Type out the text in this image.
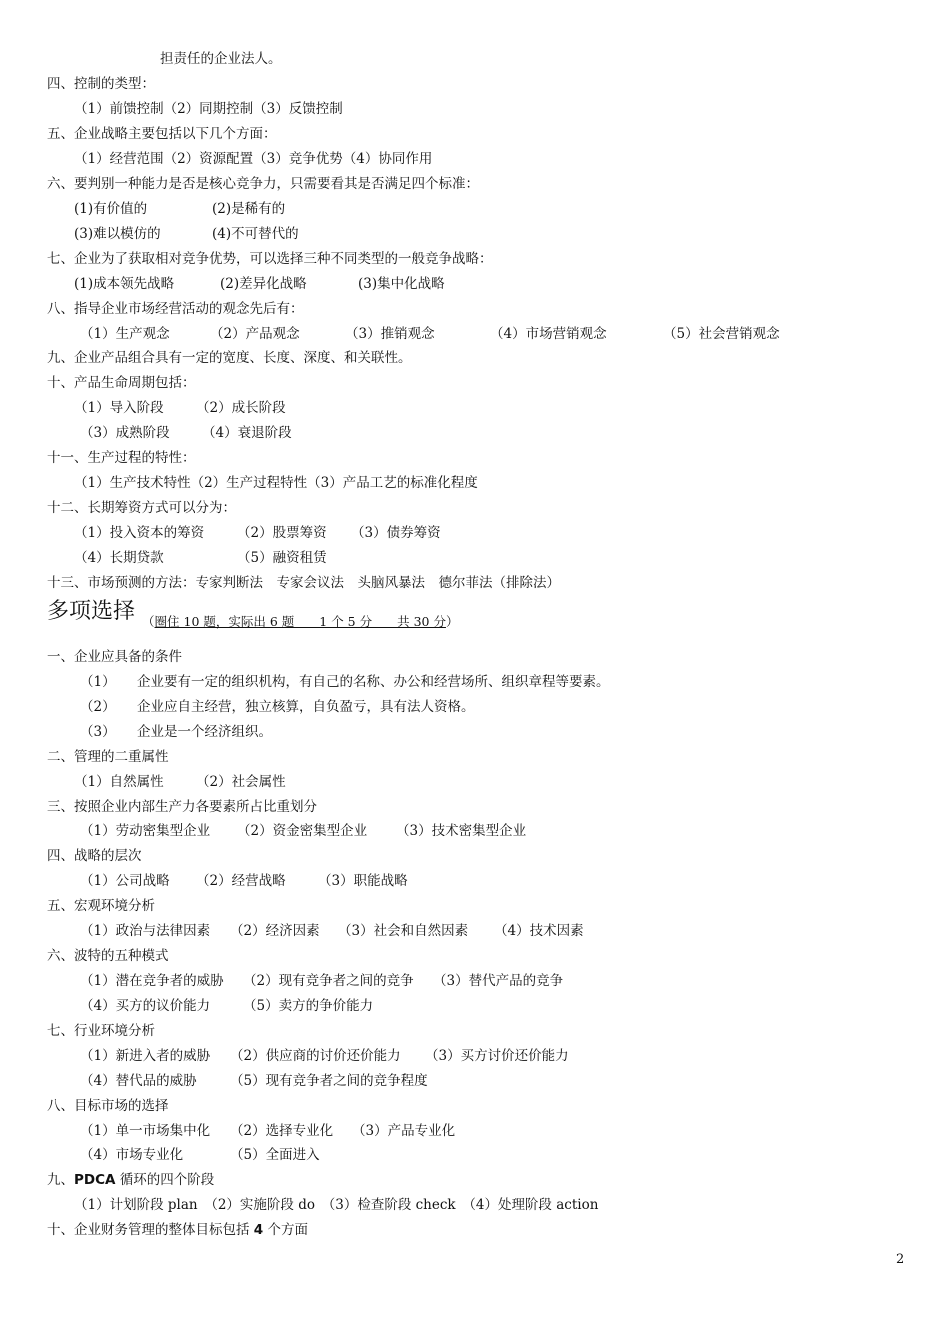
担责任的企业法人。
四、控制的类型：
（1）前馈控制（2）同期控制（3）反馈控制
五、企业战略主要包括以下几个方面：
（1）经营范围（2）资源配置（3）竞争优势（4）协同作用
六、要判别一种能力是否是核心竞争力，只需要看其是否满足四个标准：
七、企业为了获取相对竞争优势，可以选择三种不同类型的一般竞争战略：
八、指导企业市场经营活动的观念先后有：
九、企业产品组合具有一定的宽度、长度、深度、和关联性。
十、产品生命周期包括：
十一、生产过程的特性：
（1）生产技术特性（2）生产过程特性（3）产品工艺的标准化程度
十二、长期筹资方式可以分为：
十三、市场预测的方法：专家判断法　专家会议法　头脑风暴法　德尔菲法（排除法）
一、企业应具备的条件
二、管理的二重属性
三、按照企业内部生产力各要素所占比重划分
四、战略的层次
五、宏观环境分析
六、波特的五种模式
七、行业环境分析
八、目标市场的选择
（1）计划阶段 plan　（2）实施阶段 do　（3）检查阶段 check　（4）处理阶段 action
(1)有价值的	(2)是稀有的
(3)难以模仿的	(4)不可替代的
(1)成本领先战略	(2)差异化战略	(3)集中化战略
（1）生产观念	（2）产品观念	（3）推销观念	（4）市场营销观念	（5）社会营销观念
（1）导入阶段 （2）成长阶段
（3）成熟阶段 （4）衰退阶段
（1）投入资本的筹资 （2）股票筹资 （3）债券筹资
（4）长期贷款	（5）融资租赁
（1） 企业要有一定的组织机构，有自己的名称、办公和经营场所、组织章程等要素。
（2） 企业应自主经营，独立核算，自负盈亏，具有法人资格。
（3） 企业是一个经济组织。
（1）自然属性 （2）社会属性
（1）劳动密集型企业 （2）资金密集型企业 （3）技术密集型企业
（1）公司战略 （2）经营战略 （3）职能战略
（1）政治与法律因素 （2）经济因素 （3）社会和自然因素 （4）技术因素
（1）潜在竞争者的威胁 （2）现有竞争者之间的竞争 （3）替代产品的竞争
（4）买方的议价能力 （5）卖方的争价能力
（1）新进入者的威胁 （2）供应商的讨价还价能力 （3）买方讨价还价能力
（4）替代品的威胁 （5）现有竞争者之间的竞争程度
（1）单一市场集中化 （2）选择专业化 （3）产品专业化
（4）市场专业化	（5）全面进入
多项选择 （圈住 10 题，实际出 6 题　　1 个 5 分　　共 30 分）
九、PDCA 循环的四个阶段
十、企业财务管理的整体目标包括 4 个方面
2
